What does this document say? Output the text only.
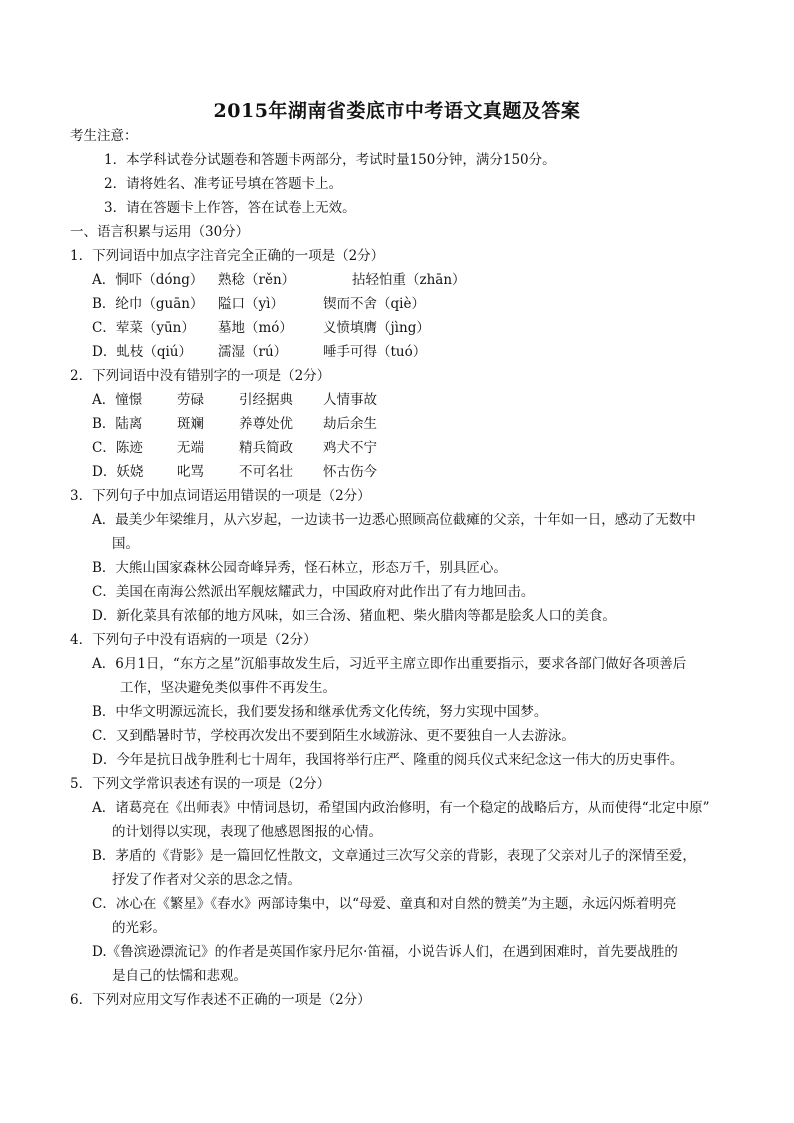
2015年湖南省娄底市中考语文真题及答案
考生注意：
1．本学科试卷分试题卷和答题卡两部分，考试时量150分钟，满分150分。
2．请将姓名、准考证号填在答题卡上。
3．请在答题卡上作答，答在试卷上无效。
一、语言积累与运用（30分）
1．下列词语中加点字注音完全正确的一项是（2分）
A．恫吓（dóng） 熟稔（rěn）	拈轻怕重（zhān）
B．纶巾（guān） 隘口（yì）	锲而不舍（qiè）
C．荤菜（yūn） 墓地（mó） 义愤填膺（jìng）
D．虬枝（qiú） 濡湿（rú）	唾手可得（tuó）
2．下列词语中没有错别字的一项是（2分）
A．憧憬	劳碌	引经据典 人情事故
B．陆离	斑斓	养尊处优 劫后余生
C．陈迹	无端	精兵简政 鸡犬不宁
D．妖娆 叱骂	不可名壮 怀古伤今
3．下列句子中加点词语运用错误的一项是（2分）
A．最美少年梁维月，从六岁起，一边读书一边悉心照顾高位截瘫的父亲，十年如一日，感动了无数中
国。
B．大熊山国家森林公园奇峰异秀，怪石林立，形态万千，别具匠心。
C．美国在南海公然派出军舰炫耀武力，中国政府对此作出了有力地回击。
D．新化菜具有浓郁的地方风味，如三合汤、猪血粑、柴火腊肉等都是脍炙人口的美食。
4．下列句子中没有语病的一项是（2分）
A．6月1日，“东方之星”沉船事故发生后，习近平主席立即作出重要指示，要求各部门做好各项善后
工作，坚决避免类似事件不再发生。
B．中华文明源远流长，我们要发扬和继承优秀文化传统，努力实现中国梦。
C．又到酷暑时节，学校再次发出不要到陌生水域游泳、更不要独自一人去游泳。
D．今年是抗日战争胜利七十周年，我国将举行庄严、隆重的阅兵仪式来纪念这一伟大的历史事件。
5．下列文学常识表述有误的一项是（2分）
A．诸葛亮在《出师表》中情词恳切，希望国内政治修明，有一个稳定的战略后方，从而使得“北定中原”
的计划得以实现，表现了他感恩图报的心情。
B．茅盾的《背影》是一篇回忆性散文，文章通过三次写父亲的背影，表现了父亲对儿子的深情至爱，
抒发了作者对父亲的思念之情。
C．冰心在《繁星》《春水》两部诗集中，以“母爱、童真和对自然的赞美”为主题，永远闪烁着明亮
的光彩。
D.《鲁滨逊漂流记》的作者是英国作家丹尼尔·笛福，小说告诉人们，在遇到困难时，首先要战胜的
是自己的怯懦和悲观。
6．下列对应用文写作表述不正确的一项是（2分）
